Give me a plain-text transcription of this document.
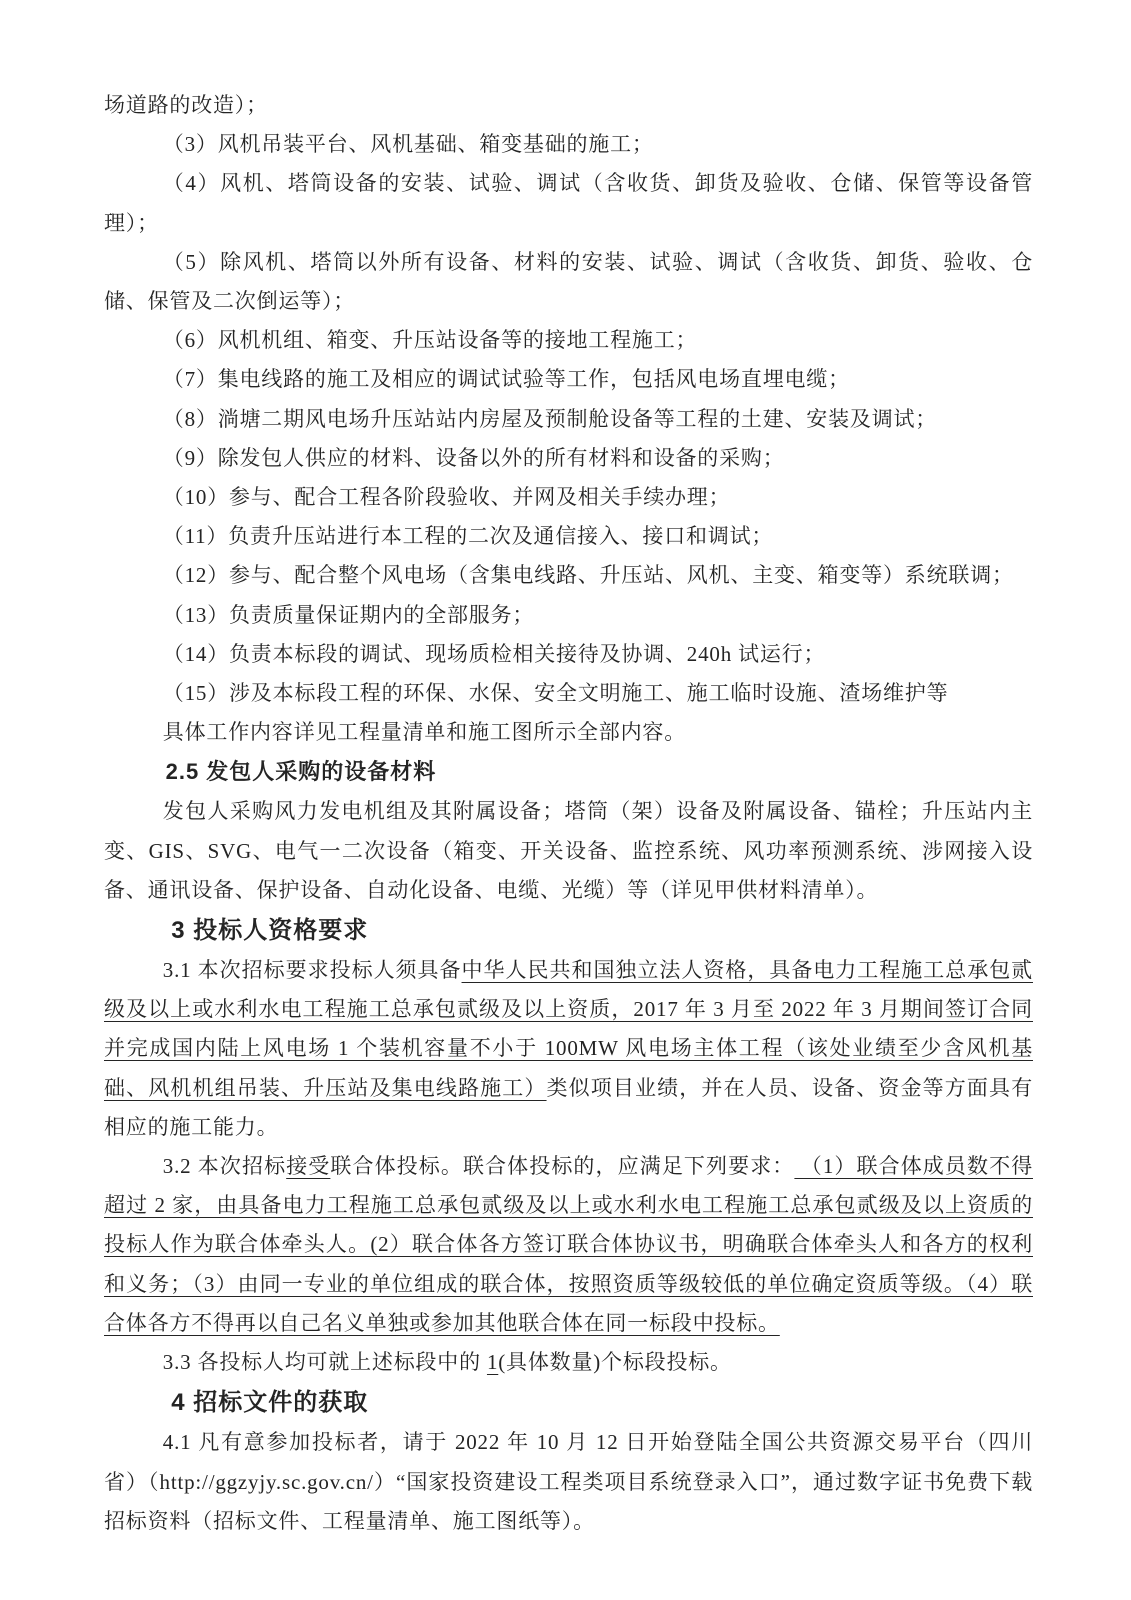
场道路的改造）；

（3）风机吊装平台、风机基础、箱变基础的施工；

（4）风机、塔筒设备的安装、试验、调试（含收货、卸货及验收、仓储、保管等设备管理）；

（5）除风机、塔筒以外所有设备、材料的安装、试验、调试（含收货、卸货、验收、仓储、保管及二次倒运等）；

（6）风机机组、箱变、升压站设备等的接地工程施工；

（7）集电线路的施工及相应的调试试验等工作，包括风电场直埋电缆；

（8）淌塘二期风电场升压站站内房屋及预制舱设备等工程的土建、安装及调试；

（9）除发包人供应的材料、设备以外的所有材料和设备的采购；

（10）参与、配合工程各阶段验收、并网及相关手续办理；

（11）负责升压站进行本工程的二次及通信接入、接口和调试；

（12）参与、配合整个风电场（含集电线路、升压站、风机、主变、箱变等）系统联调；

（13）负责质量保证期内的全部服务；

（14）负责本标段的调试、现场质检相关接待及协调、240h 试运行；

（15）涉及本标段工程的环保、水保、安全文明施工、施工临时设施、渣场维护等

具体工作内容详见工程量清单和施工图所示全部内容。

2.5 发包人采购的设备材料

发包人采购风力发电机组及其附属设备；塔筒（架）设备及附属设备、锚栓；升压站内主变、GIS、SVG、电气一二次设备（箱变、开关设备、监控系统、风功率预测系统、涉网接入设备、通讯设备、保护设备、自动化设备、电缆、光缆）等（详见甲供材料清单）。

3 投标人资格要求

3.1 本次招标要求投标人须具备中华人民共和国独立法人资格，具备电力工程施工总承包贰级及以上或水利水电工程施工总承包贰级及以上资质，2017 年 3 月至 2022 年 3 月期间签订合同并完成国内陆上风电场 1 个装机容量不小于 100MW 风电场主体工程（该处业绩至少含风机基础、风机机组吊装、升压站及集电线路施工）类似项目业绩，并在人员、设备、资金等方面具有相应的施工能力。

3.2 本次招标接受联合体投标。联合体投标的，应满足下列要求： （1）联合体成员数不得超过 2 家，由具备电力工程施工总承包贰级及以上或水利水电工程施工总承包贰级及以上资质的投标人作为联合体牵头人。(2）联合体各方签订联合体协议书，明确联合体牵头人和各方的权利和义务；（3）由同一专业的单位组成的联合体，按照资质等级较低的单位确定资质等级。（4）联合体各方不得再以自己名义单独或参加其他联合体在同一标段中投标。

3.3 各投标人均可就上述标段中的 1(具体数量)个标段投标。

4 招标文件的获取

4.1 凡有意参加投标者，请于 2022 年 10 月 12 日开始登陆全国公共资源交易平台（四川省）（http://ggzyjy.sc.gov.cn/）“国家投资建设工程类项目系统登录入口”，通过数字证书免费下载招标资料（招标文件、工程量清单、施工图纸等）。
